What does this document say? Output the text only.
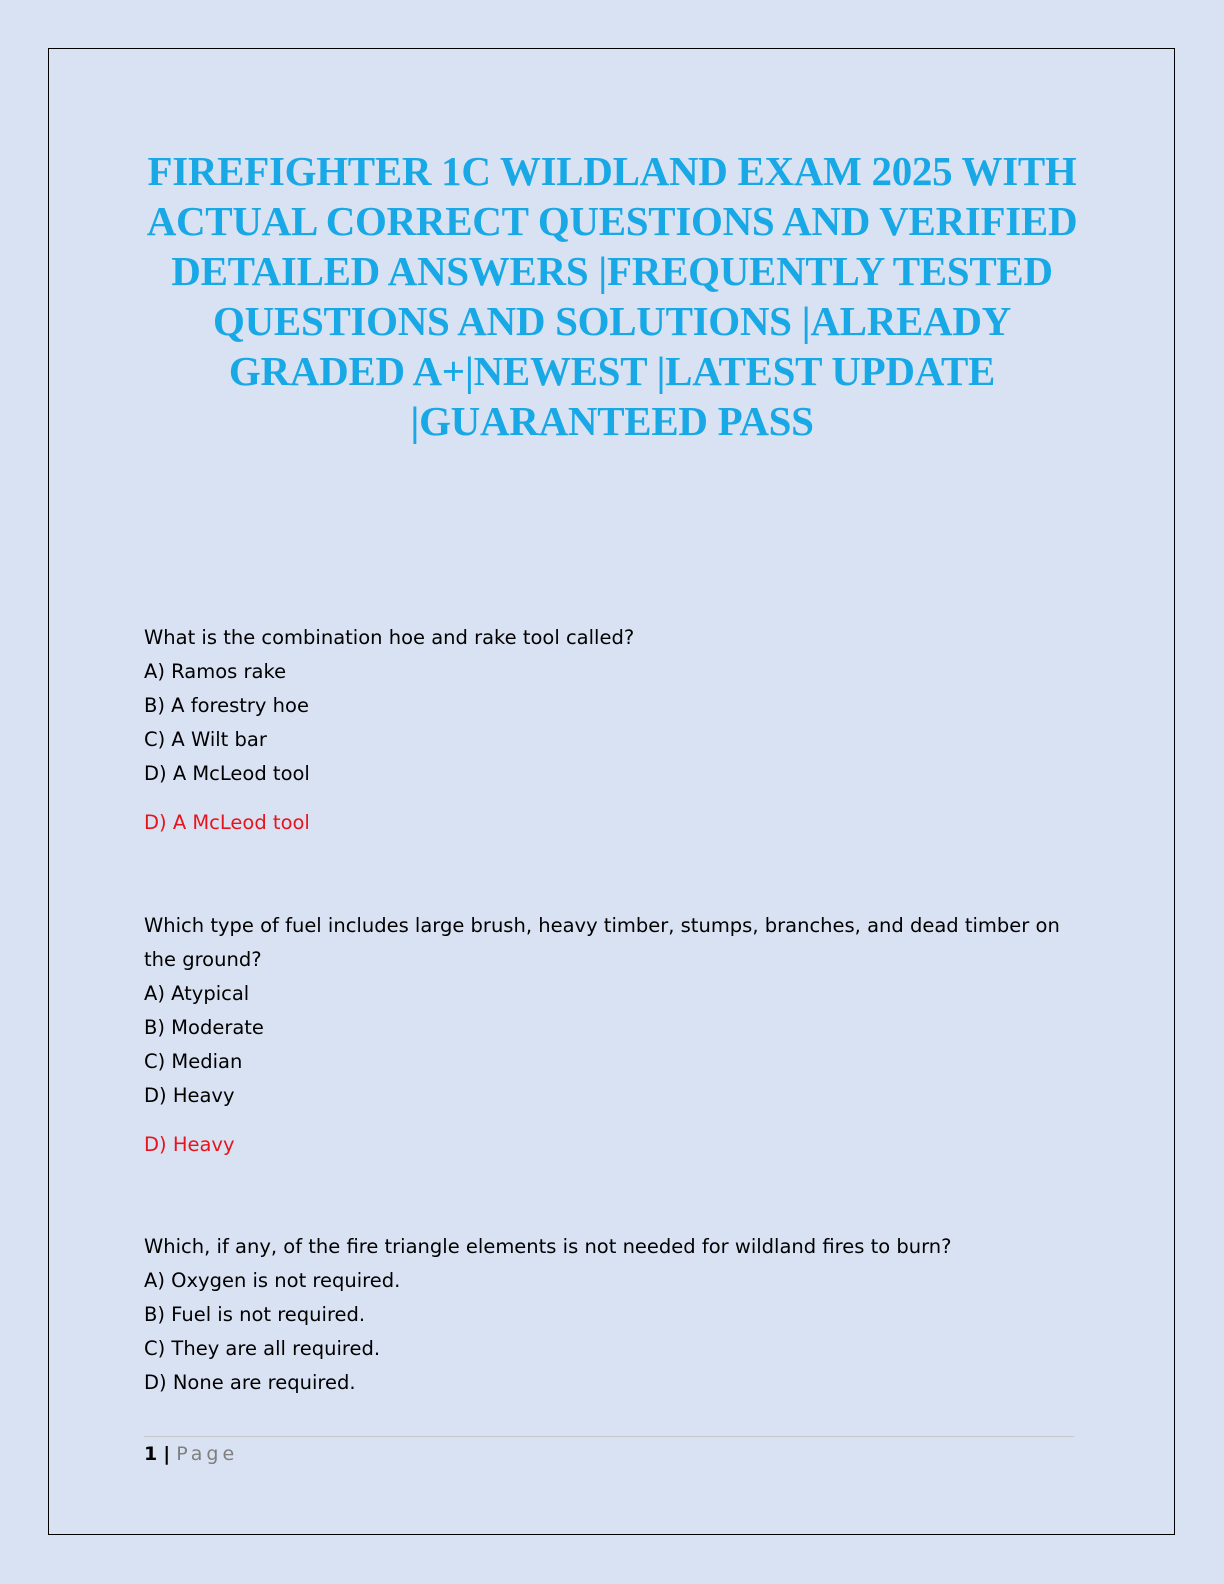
FIREFIGHTER 1C WILDLAND EXAM 2025 WITH ACTUAL CORRECT QUESTIONS AND VERIFIED DETAILED ANSWERS |FREQUENTLY TESTED QUESTIONS AND SOLUTIONS |ALREADY GRADED A+|NEWEST |LATEST UPDATE |GUARANTEED PASS

What is the combination hoe and rake tool called?

A) Ramos rake

B) A forestry hoe

C) A Wilt bar

D) A McLeod tool

D) A McLeod tool

Which type of fuel includes large brush, heavy timber, stumps, branches, and dead timber on the ground?

A) Atypical

B) Moderate

C) Median

D) Heavy

D) Heavy

Which, if any, of the fire triangle elements is not needed for wildland fires to burn?

A) Oxygen is not required.

B) Fuel is not required.

C) They are all required.

D) None are required.

1 | Page
